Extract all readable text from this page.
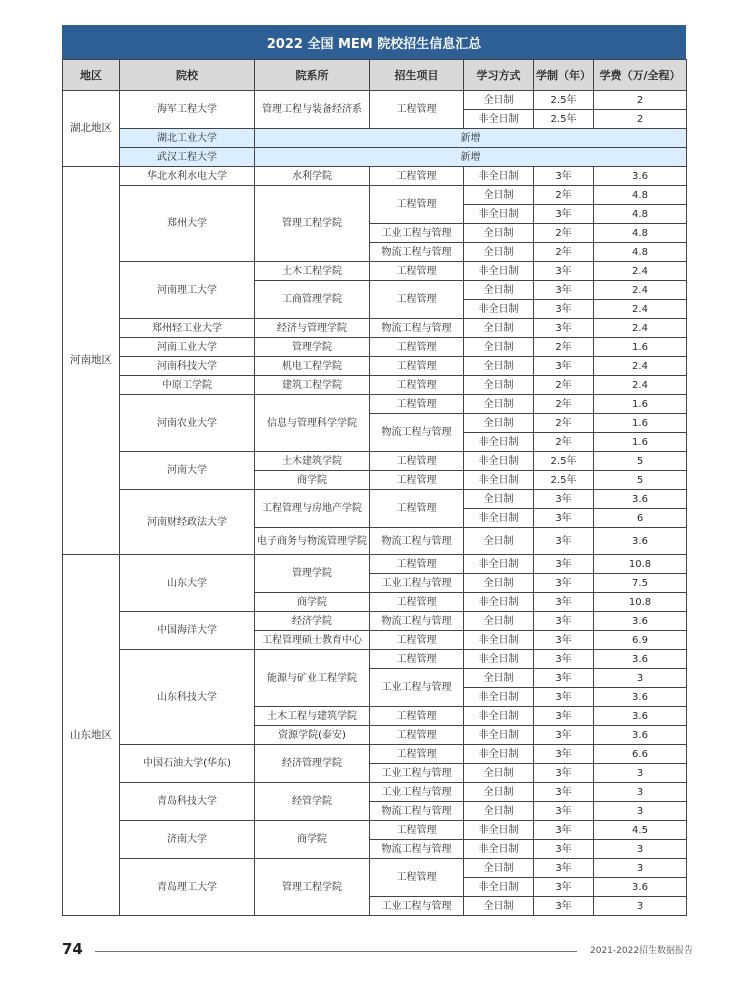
2022 全国 MEM 院校招生信息汇总
地区	院校	院系所	招生项目	学习方式	学制（年）	学费（万/全程）
湖北地区	海军工程大学	管理工程与装备经济系	工程管理	全日制	2.5年	2
				非全日制	2.5年	2
	湖北工业大学	新增				
	武汉工程大学	新增				
河南地区	华北水利水电大学	水利学院	工程管理	非全日制	3年	3.6
	郑州大学	管理工程学院	工程管理	全日制	2年	4.8
				非全日制	3年	4.8
			工业工程与管理	全日制	2年	4.8
			物流工程与管理	全日制	2年	4.8
	河南理工大学	土木工程学院	工程管理	非全日制	3年	2.4
		工商管理学院	工程管理	全日制	3年	2.4
				非全日制	3年	2.4
	郑州轻工业大学	经济与管理学院	物流工程与管理	全日制	3年	2.4
	河南工业大学	管理学院	工程管理	全日制	2年	1.6
	河南科技大学	机电工程学院	工程管理	全日制	3年	2.4
	中原工学院	建筑工程学院	工程管理	全日制	2年	2.4
	河南农业大学	信息与管理科学学院	工程管理	全日制	2年	1.6
			物流工程与管理	全日制	2年	1.6
				非全日制	2年	1.6
	河南大学	土木建筑学院	工程管理	非全日制	2.5年	5
		商学院	工程管理	非全日制	2.5年	5
	河南财经政法大学	工程管理与房地产学院	工程管理	全日制	3年	3.6
				非全日制	3年	6
		电子商务与物流管理学院	物流工程与管理	全日制	3年	3.6
山东地区	山东大学	管理学院	工程管理	非全日制	3年	10.8
			工业工程与管理	全日制	3年	7.5
		商学院	工程管理	非全日制	3年	10.8
	中国海洋大学	经济学院	物流工程与管理	全日制	3年	3.6
		工程管理硕士教育中心	工程管理	非全日制	3年	6.9
	山东科技大学	能源与矿业工程学院	工程管理	非全日制	3年	3.6
			工业工程与管理	全日制	3年	3
				非全日制	3年	3.6
		土木工程与建筑学院	工程管理	非全日制	3年	3.6
		资源学院(泰安)	工程管理	非全日制	3年	3.6
	中国石油大学(华东)	经济管理学院	工程管理	非全日制	3年	6.6
			工业工程与管理	全日制	3年	3
	青岛科技大学	经管学院	工业工程与管理	全日制	3年	3
			物流工程与管理	全日制	3年	3
	济南大学	商学院	工程管理	非全日制	3年	4.5
			物流工程与管理	非全日制	3年	3
	青岛理工大学	管理工程学院	工程管理	全日制	3年	3
				非全日制	3年	3.6
			工业工程与管理	全日制	3年	3
74	2021-2022招生数据报告
